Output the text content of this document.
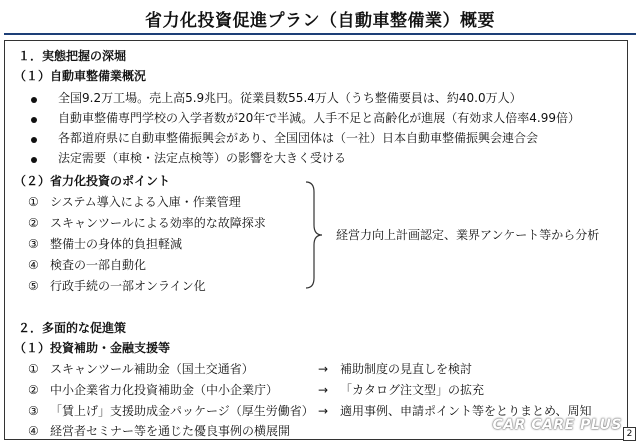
省力化投資促進プラン（自動車整備業）概要
１．実態把握の深堀
（１）自動車整備業概況
全国9.2万工場。売上高5.9兆円。従業員数55.4万人（うち整備要員は、約40.0万人）
自動車整備専門学校の入学者数が20年で半減。人手不足と高齢化が進展（有効求人倍率4.99倍）
各都道府県に自動車整備振興会があり、全国団体は（一社）日本自動車整備振興会連合会
法定需要（車検・法定点検等）の影響を大きく受ける
（２）省力化投資のポイント
① システム導入による入庫・作業管理
② スキャンツールによる効率的な故障探求
③ 整備士の身体的負担軽減
④ 検査の一部自動化
⑤ 行政手続の一部オンライン化
経営力向上計画認定、業界アンケート等から分析
２．多面的な促進策
（１）投資補助・金融支援等
① スキャンツール補助金（国土交通省）	→ 補助制度の見直しを検討
② 中小企業省力化投資補助金（中小企業庁）	→ 「カタログ注文型」の拡充
③ 「賃上げ」支援助成金パッケージ（厚生労働省） → 適用事例、申請ポイント等をとりまとめ、周知
④ 経営者セミナー等を通じた優良事例の横展開	CAR CARE PLUS
2
